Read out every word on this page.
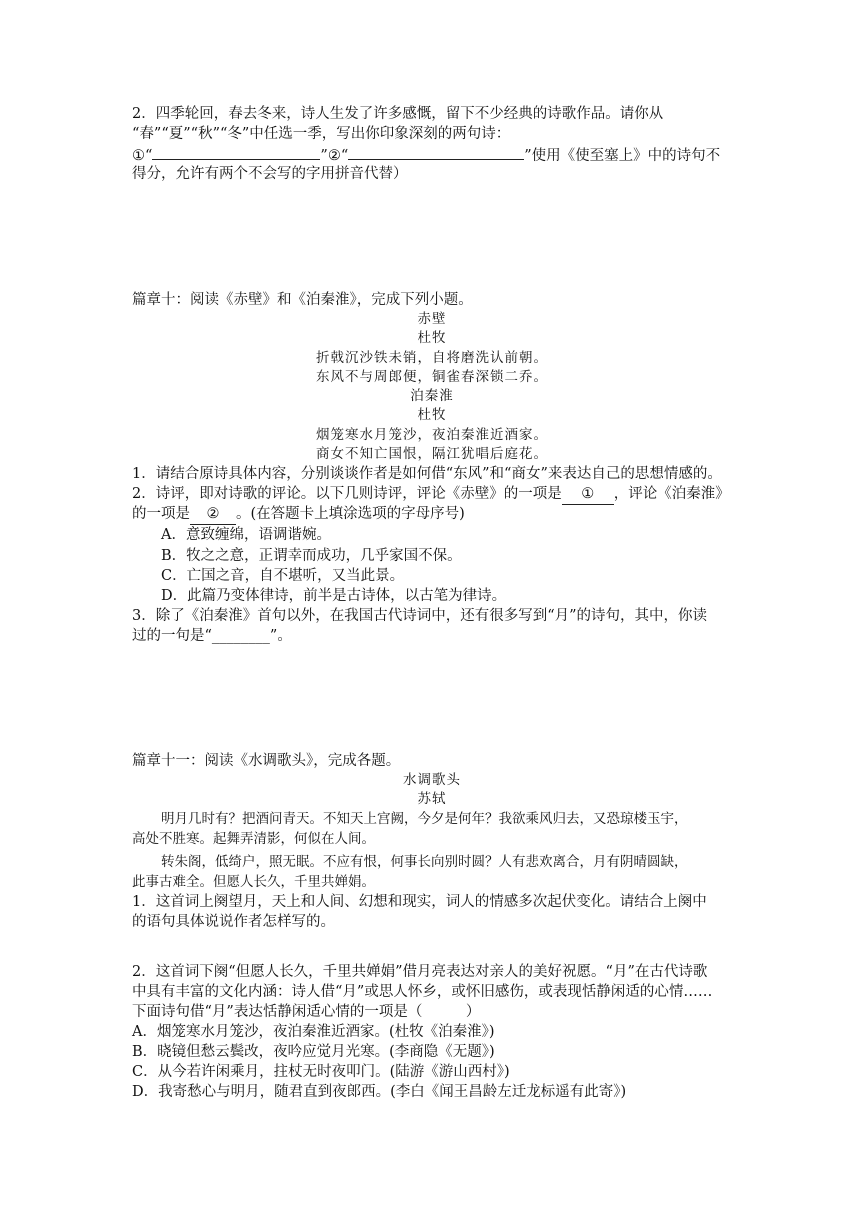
2．四季轮回，春去冬来，诗人生发了许多感慨，留下不少经典的诗歌作品。请你从
“春”“夏”“秋”“冬”中任选一季，写出你印象深刻的两句诗：
①“	”②“	”使用《使至塞上》中的诗句不
得分，允许有两个不会写的字用拼音代替）
篇章十：阅读《赤壁》和《泊秦淮》，完成下列小题。
赤壁
杜牧
折戟沉沙铁未销，自将磨洗认前朝。
东风不与周郎便，铜雀春深锁二乔。
泊秦淮
杜牧
烟笼寒水月笼沙，夜泊秦淮近酒家。
商女不知亡国恨，隔江犹唱后庭花。
1．请结合原诗具体内容，分别谈谈作者是如何借“东风”和“商女”来表达自己的思想情感的。
2．诗评，即对诗歌的评论。以下几则诗评，评论《赤壁》的一项是 ① ，评论《泊秦淮》
的一项是 ② 。(在答题卡上填涂选项的字母序号)
A．意致缠绵，语调谐婉。
B．牧之之意，正谓幸而成功，几乎家国不保。
C．亡国之音，自不堪听，又当此景。
D．此篇乃变体律诗，前半是古诗体，以古笔为律诗。
3．除了《泊秦淮》首句以外，在我国古代诗词中，还有很多写到“月”的诗句，其中，你读
过的一句是“________”。
篇章十一：阅读《水调歌头》，完成各题。
水调歌头
苏轼
明月几时有？把酒问青天。不知天上宫阙，今夕是何年？我欲乘风归去，又恐琼楼玉宇，
高处不胜寒。起舞弄清影，何似在人间。
转朱阁，低绮户，照无眠。不应有恨，何事长向别时圆？人有悲欢离合，月有阴晴圆缺，
此事古难全。但愿人长久，千里共婵娟。
1．这首词上阕望月，天上和人间、幻想和现实，词人的情感多次起伏变化。请结合上阕中
的语句具体说说作者怎样写的。
2．这首词下阕“但愿人长久，千里共婵娟”借月亮表达对亲人的美好祝愿。“月”在古代诗歌
中具有丰富的文化内涵：诗人借“月”或思人怀乡，或怀旧感伤，或表现恬静闲适的心情……
下面诗句借“月”表达恬静闲适心情的一项是（　　　）
A．烟笼寒水月笼沙，夜泊秦淮近酒家。(杜牧《泊秦淮》)
B．晓镜但愁云鬓改，夜吟应觉月光寒。(李商隐《无题》)
C．从今若许闲乘月，拄杖无时夜叩门。(陆游《游山西村》)
D．我寄愁心与明月，随君直到夜郎西。(李白《闻王昌龄左迁龙标遥有此寄》)
